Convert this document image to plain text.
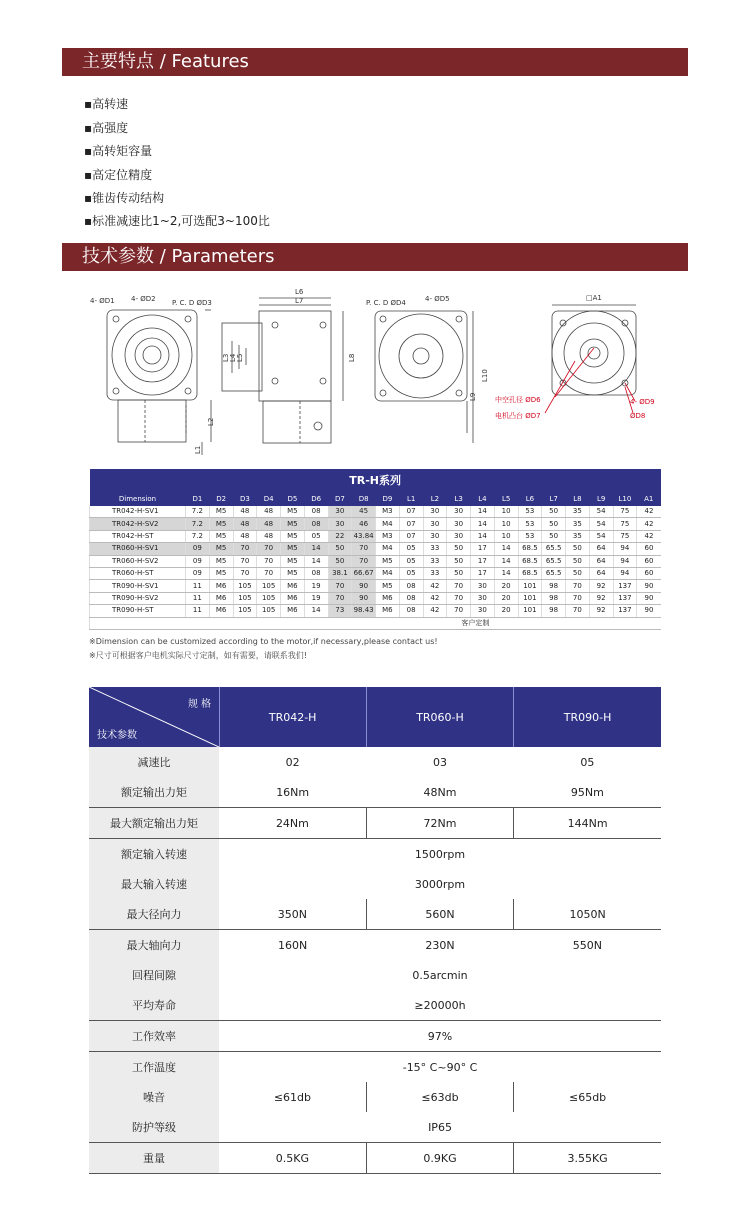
主要特点 / Features
▪高转速
▪高强度
▪高转矩容量
▪高定位精度
▪锥齿传动结构
▪标准减速比1~2,可选配3~100比
技术参数 / Parameters
4- ØD1 4- ØD2 P. C. D ØD3
L2
L1
L6
L7
L3 L4 L5	L8
P. C. D ØD4	4- ØD5
L10
L9
□A1
中空孔径 ØD6
电机凸台 ØD7
4- ØD9
ØD8
TR-H系列																				
Dimension	D1	D2	D3	D4	D5	D6	D7	D8	D9	L1	L2	L3	L4	L5	L6	L7	L8	L9	L10	A1
TR042-H-SV1	7.2	M5	48	48	M5	08	30	45	M3	07	30	30	14	10	53	50	35	54	75	42
TR042-H-SV2	7.2	M5	48	48	M5	08	30	46	M4	07	30	30	14	10	53	50	35	54	75	42
TR042-H-ST	7.2	M5	48	48	M5	05	22	43.84	M3	07	30	30	14	10	53	50	35	54	75	42
TR060-H-SV1	09	M5	70	70	M5	14	50	70	M4	05	33	50	17	14	68.5	65.5	50	64	94	60
TR060-H-SV2	09	M5	70	70	M5	14	50	70	M5	05	33	50	17	14	68.5	65.5	50	64	94	60
TR060-H-ST	09	M5	70	70	M5	08	38.1	66.67	M4	05	33	50	17	14	68.5	65.5	50	64	94	60
TR090-H-SV1	11	M6	105	105	M6	19	70	90	M5	08	42	70	30	20	101	98	70	92	137	90
TR090-H-SV2	11	M6	105	105	M6	19	70	90	M6	08	42	70	30	20	101	98	70	92	137	90
TR090-H-ST	11	M6	105	105	M6	14	73	98.43	M6	08	42	70	30	20	101	98	70	92	137	90
客户定制																				
※Dimension can be customized according to the motor,if necessary,please contact us!
※尺寸可根据客户电机实际尺寸定制，如有需要，请联系我们!
规 格
技术参数	TR042-H	TR060-H	TR090-H
减速比	02	03	05
额定输出力矩	16Nm	48Nm	95Nm
最大额定输出力矩	24Nm	72Nm	144Nm
额定输入转速	1500rpm		
最大输入转速	3000rpm		
最大径向力	350N	560N	1050N
最大轴向力	160N	230N	550N
回程间隙	0.5arcmin		
平均寿命	≥20000h		
工作效率	97%		
工作温度	-15° C~90° C		
噪音	≤61db	≤63db	≤65db
防护等级	IP65		
重量	0.5KG	0.9KG	3.55KG
